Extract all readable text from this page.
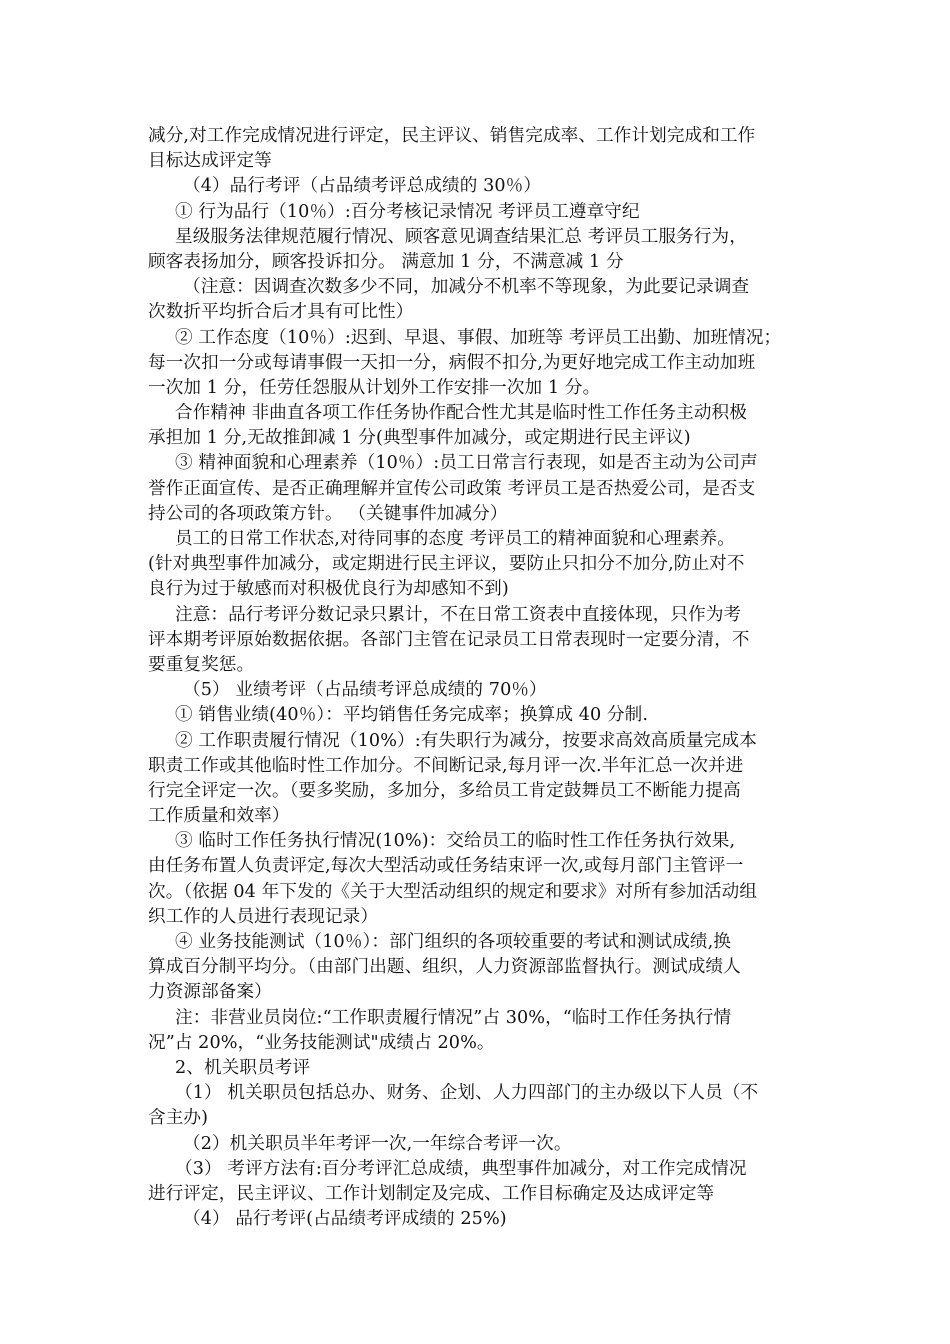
减分,对工作完成情况进行评定，民主评议、销售完成率、工作计划完成和工作
目标达成评定等
（4）品行考评（占品绩考评总成绩的 30％）
① 行为品行（10％）:百分考核记录情况 考评员工遵章守纪
星级服务法律规范履行情况、顾客意见调查结果汇总 考评员工服务行为，
顾客表扬加分，顾客投诉扣分。 满意加 1 分，不满意减 1 分
（注意：因调查次数多少不同，加减分不机率不等现象，为此要记录调查
次数折平均折合后才具有可比性）
② 工作态度（10％）:迟到、早退、事假、加班等 考评员工出勤、加班情况；
每一次扣一分或每请事假一天扣一分，病假不扣分,为更好地完成工作主动加班
一次加 1 分，任劳任怨服从计划外工作安排一次加 1 分。
合作精神 非曲直各项工作任务协作配合性尤其是临时性工作任务主动积极
承担加 1 分,无故推卸减 1 分(典型事件加减分，或定期进行民主评议)
③ 精神面貌和心理素养（10％）:员工日常言行表现，如是否主动为公司声
誉作正面宣传、是否正确理解并宣传公司政策 考评员工是否热爱公司，是否支
持公司的各项政策方针。 （关键事件加减分）
员工的日常工作状态,对待同事的态度 考评员工的精神面貌和心理素养。
(针对典型事件加减分，或定期进行民主评议，要防止只扣分不加分,防止对不
良行为过于敏感而对积极优良行为却感知不到)
注意：品行考评分数记录只累计，不在日常工资表中直接体现，只作为考
评本期考评原始数据依据。各部门主管在记录员工日常表现时一定要分清，不
要重复奖惩。
（5） 业绩考评（占品绩考评总成绩的 70％）
① 销售业绩(40％）：平均销售任务完成率；换算成 40 分制.
② 工作职责履行情况（10%）:有失职行为减分，按要求高效高质量完成本
职责工作或其他临时性工作加分。不间断记录,每月评一次.半年汇总一次并进
行完全评定一次。（要多奖励，多加分，多给员工肯定鼓舞员工不断能力提高
工作质量和效率）
③ 临时工作任务执行情况(10%)：交给员工的临时性工作任务执行效果,
由任务布置人负责评定,每次大型活动或任务结束评一次,或每月部门主管评一
次。（依据 04 年下发的《关于大型活动组织的规定和要求》对所有参加活动组
织工作的人员进行表现记录）
④ 业务技能测试（10％）：部门组织的各项较重要的考试和测试成绩,换
算成百分制平均分。（由部门出题、组织，人力资源部监督执行。测试成绩人
力资源部备案）
注：非营业员岗位:“工作职责履行情况”占 30%，“临时工作任务执行情
况”占 20%，“业务技能测试"成绩占 20%。
2、机关职员考评
（1） 机关职员包括总办、财务、企划、人力四部门的主办级以下人员（不
含主办)
（2）机关职员半年考评一次,一年综合考评一次。
（3） 考评方法有:百分考评汇总成绩，典型事件加减分，对工作完成情况
进行评定，民主评议、工作计划制定及完成、工作目标确定及达成评定等
（4） 品行考评(占品绩考评成绩的 25%)
